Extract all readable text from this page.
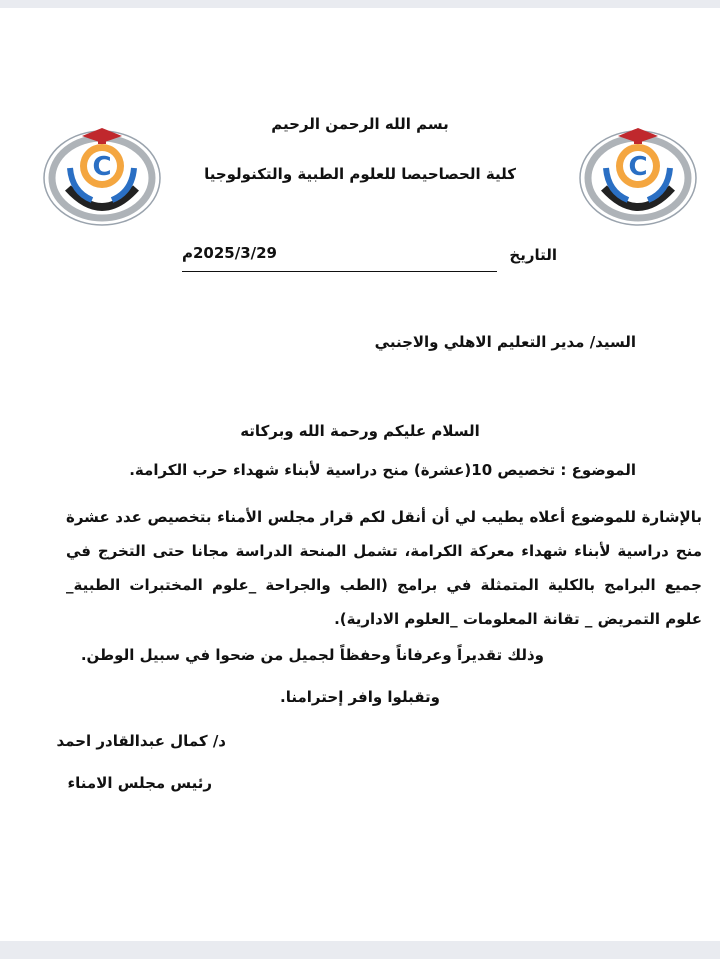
C
C
بسم الله الرحمن الرحيم
كلية الحصاحيصا للعلوم الطبية والتكنولوجيا
التاريخ
2025/3/29م
السيد/ مدير التعليم الاهلي والاجنبي
السلام عليكم ورحمة الله وبركاته
الموضوع : تخصيص 10(عشرة) منح دراسية لأبناء شهداء حرب الكرامة.
بالإشارة للموضوع أعلاه يطيب لي أن أنقل لكم قرار مجلس الأمناء بتخصيص عدد عشرة منح دراسية لأبناء شهداء معركة الكرامة، تشمل المنحة الدراسة مجانا حتى التخرج في جميع البرامج بالكلية المتمثلة في برامج (الطب والجراحة _علوم المختبرات الطبية_ علوم التمريض _ تقانة المعلومات _العلوم الادارية).
وذلك تقديراً وعرفاناً وحفظاً لجميل من ضحوا في سبيل الوطن.
وتقبلوا وافر إحترامنا.
د/ كمال عبدالقادر احمد
رئيس مجلس الامناء
